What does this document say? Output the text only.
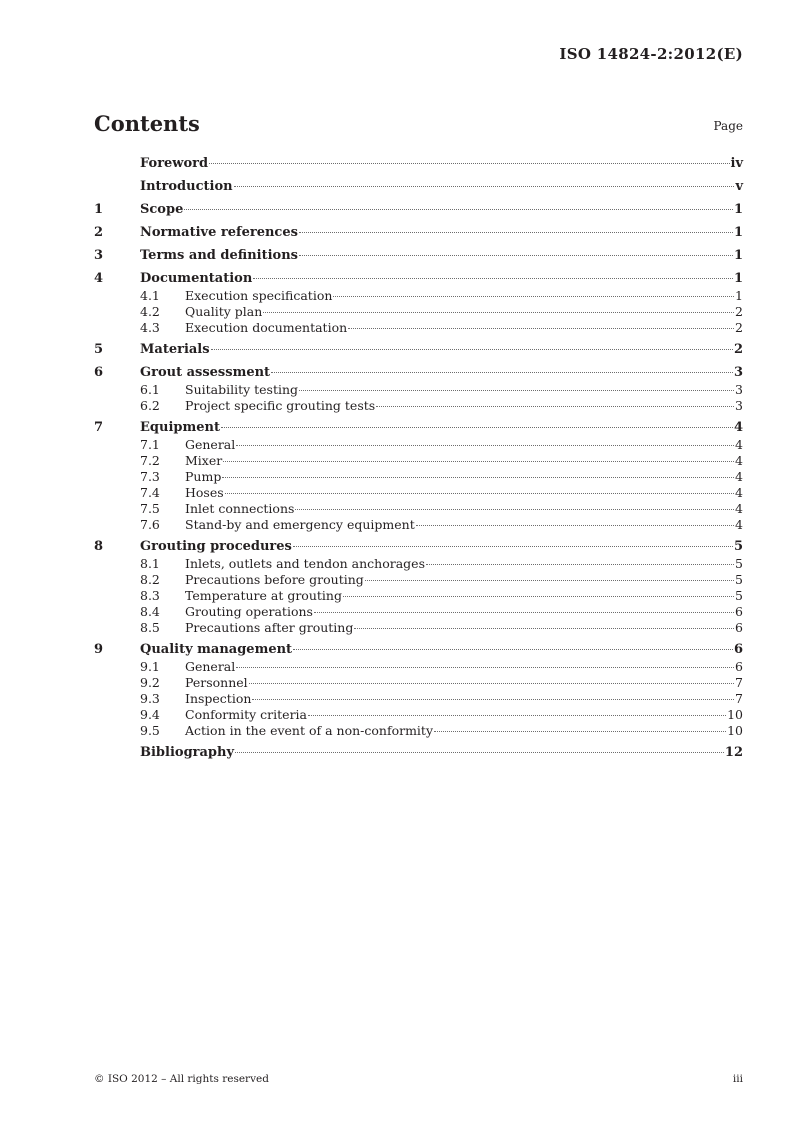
ISO 14824-2:2012(E)
Contents	Page
Foreword	iv
Introduction	v
1	Scope	1
2	Normative references	1
3	Terms and definitions	1
4	Documentation	1
4.1	Execution specification	1
4.2	Quality plan	2
4.3	Execution documentation	2
5	Materials	2
6	Grout assessment	3
6.1	Suitability testing	3
6.2	Project specific grouting tests	3
7	Equipment	4
7.1	General	4
7.2	Mixer	4
7.3	Pump	4
7.4	Hoses	4
7.5	Inlet connections	4
7.6	Stand-by and emergency equipment	4
8	Grouting procedures	5
8.1	Inlets, outlets and tendon anchorages	5
8.2	Precautions before grouting	5
8.3	Temperature at grouting	5
8.4	Grouting operations	6
8.5	Precautions after grouting	6
9	Quality management	6
9.1	General	6
9.2	Personnel	7
9.3	Inspection	7
9.4	Conformity criteria	10
9.5	Action in the event of a non-conformity	10
Bibliography	12
© ISO 2012 – All rights reserved	iii
